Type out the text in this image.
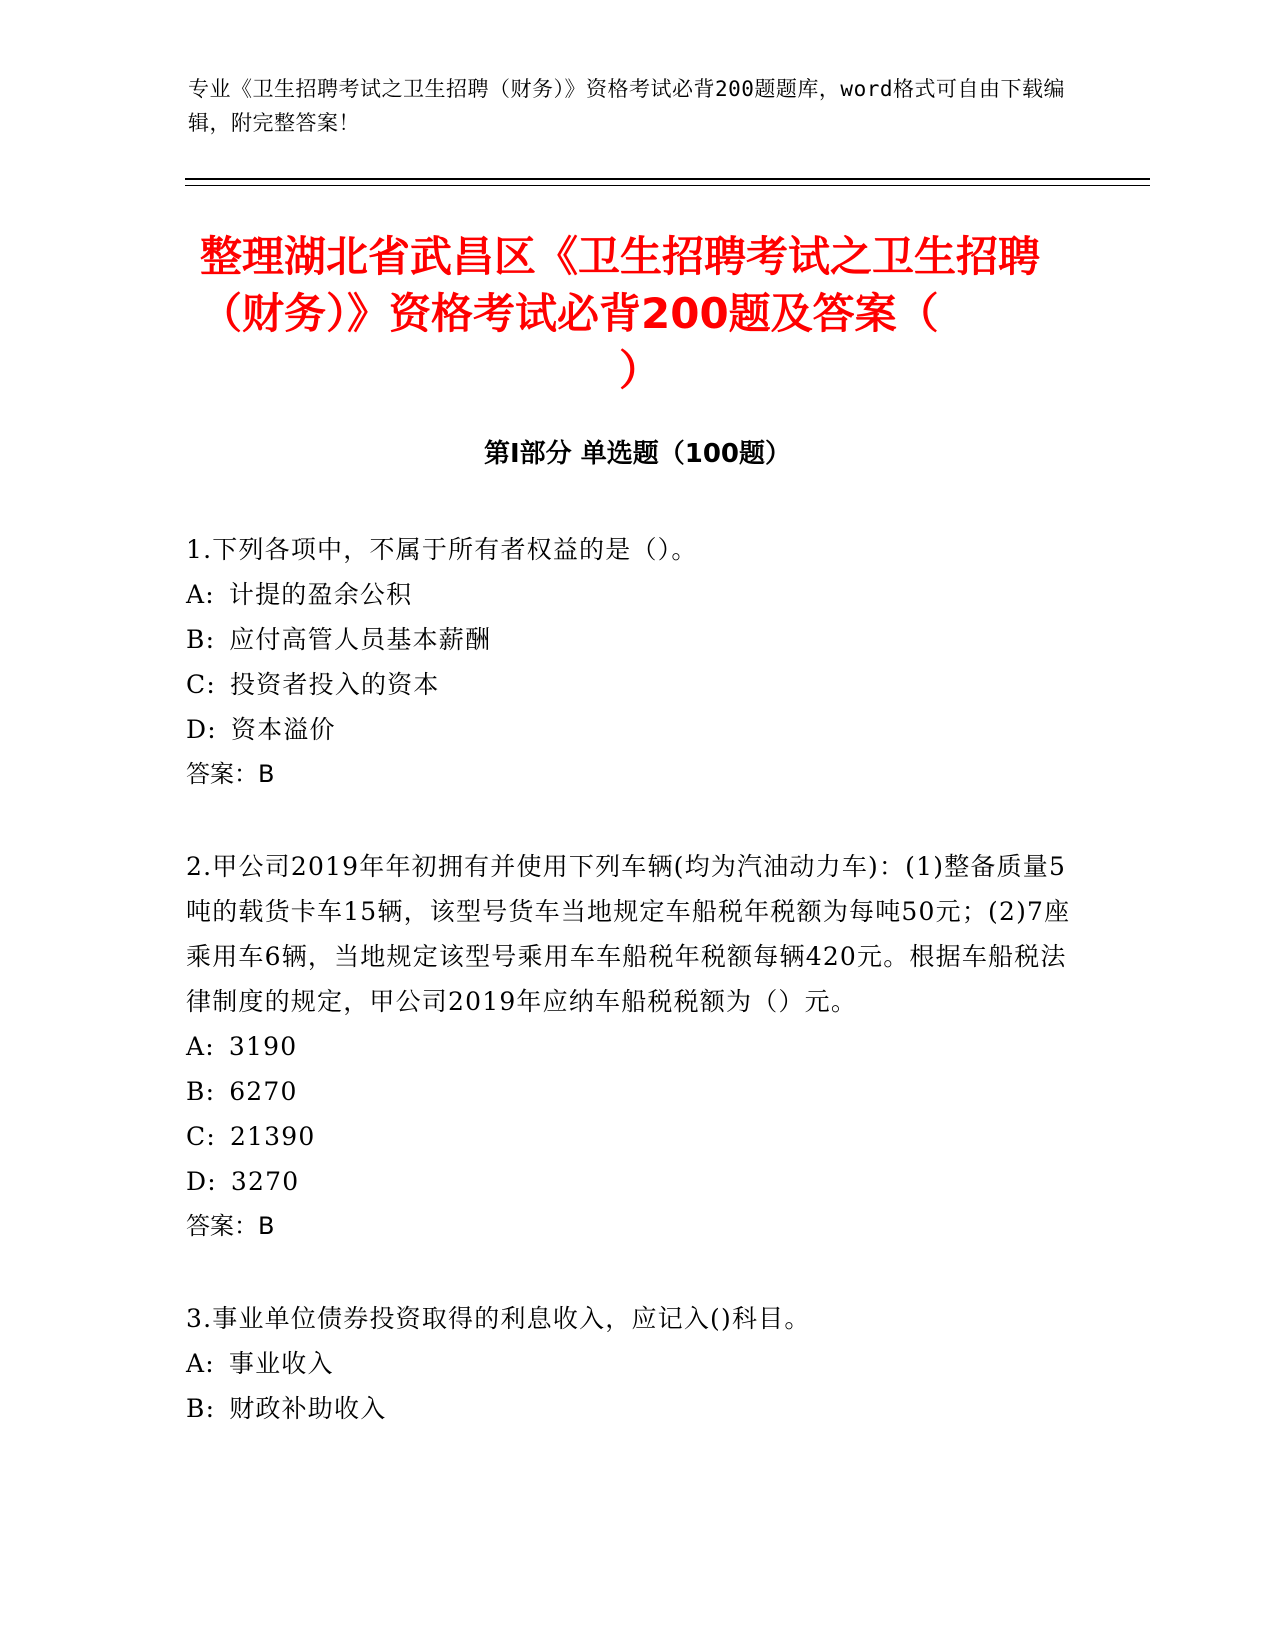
专业《卫生招聘考试之卫生招聘（财务）》资格考试必背200题题库，word格式可自由下载编辑，附完整答案！
整理湖北省武昌区《卫生招聘考试之卫生招聘（财务）》资格考试必背200题及答案（
）
第I部分 单选题（100题）

1.下列各项中，不属于所有者权益的是（）。

A: 计提的盈余公积

B: 应付高管人员基本薪酬

C: 投资者投入的资本

D: 资本溢价

答案：B

2.甲公司2019年年初拥有并使用下列车辆(均为汽油动力车)：(1)整备质量5吨的载货卡车15辆，该型号货车当地规定车船税年税额为每吨50元；(2)7座乘用车6辆，当地规定该型号乘用车车船税年税额每辆420元。根据车船税法律制度的规定，甲公司2019年应纳车船税税额为（）元。

A: 3190

B: 6270

C: 21390

D: 3270

答案：B

3.事业单位债券投资取得的利息收入，应记入()科目。

A: 事业收入

B: 财政补助收入
